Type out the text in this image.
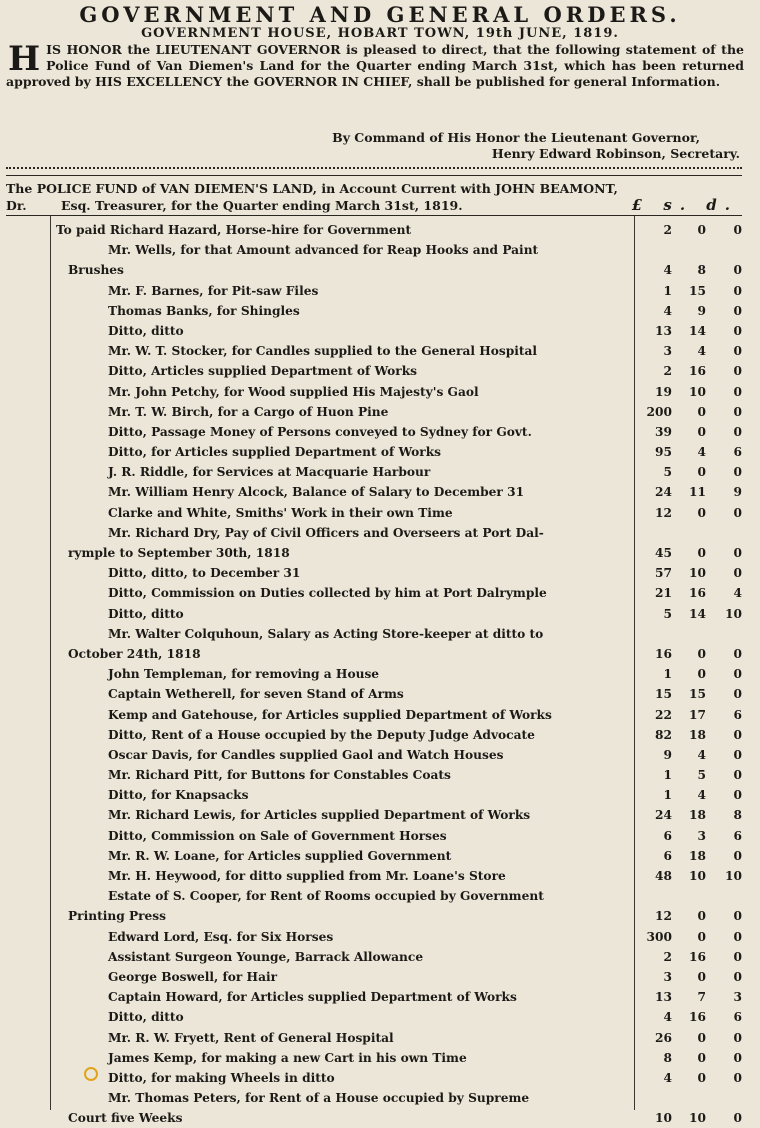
GOVERNMENT AND GENERAL ORDERS.
GOVERNMENT HOUSE, HOBART TOWN, 19th JUNE, 1819.
H IS HONOR the LIEUTENANT GOVERNOR is pleased to direct, that the following statement of the Police Fund of Van Diemen's Land for the Quarter ending March 31st, which has been returned approved by HIS EXCELLENCY the GOVERNOR IN CHIEF, shall be published for general Information.
By Command of His Honor the Lieutenant Governor,
Henry Edward Robinson, Secretary.
The POLICE FUND of VAN DIEMEN'S LAND, in Account Current with JOHN BEAMONT,
Dr.	Esq. Treasurer, for the Quarter ending March 31st, 1819.	£ s. d.
To paid Richard Hazard, Horse-hire for Government	2	0	0
Mr. Wells, for that Amount advanced for Reap Hooks and Paint
Brushes	4	8	0
Mr. F. Barnes, for Pit-saw Files	1	15	0
Thomas Banks, for Shingles	4	9	0
Ditto, ditto	13	14	0
Mr. W. T. Stocker, for Candles supplied to the General Hospital	3	4	0
Ditto, Articles supplied Department of Works	2	16	0
Mr. John Petchy, for Wood supplied His Majesty's Gaol	19	10	0
Mr. T. W. Birch, for a Cargo of Huon Pine	200	0	0
Ditto, Passage Money of Persons conveyed to Sydney for Govt.	39	0	0
Ditto, for Articles supplied Department of Works	95	4	6
J. R. Riddle, for Services at Macquarie Harbour	5	0	0
Mr. William Henry Alcock, Balance of Salary to December 31	24	11	9
Clarke and White, Smiths' Work in their own Time	12	0	0
Mr. Richard Dry, Pay of Civil Officers and Overseers at Port Dal-
rymple to September 30th, 1818	45	0	0
Ditto, ditto, to December 31	57	10	0
Ditto, Commission on Duties collected by him at Port Dalrymple	21	16	4
Ditto, ditto	5	14	10
Mr. Walter Colquhoun, Salary as Acting Store-keeper at ditto to
October 24th, 1818	16	0	0
John Templeman, for removing a House	1	0	0
Captain Wetherell, for seven Stand of Arms	15	15	0
Kemp and Gatehouse, for Articles supplied Department of Works	22	17	6
Ditto, Rent of a House occupied by the Deputy Judge Advocate	82	18	0
Oscar Davis, for Candles supplied Gaol and Watch Houses	9	4	0
Mr. Richard Pitt, for Buttons for Constables Coats	1	5	0
Ditto, for Knapsacks	1	4	0
Mr. Richard Lewis, for Articles supplied Department of Works	24	18	8
Ditto, Commission on Sale of Government Horses	6	3	6
Mr. R. W. Loane, for Articles supplied Government	6	18	0
Mr. H. Heywood, for ditto supplied from Mr. Loane's Store	48	10	10
Estate of S. Cooper, for Rent of Rooms occupied by Government
Printing Press	12	0	0
Edward Lord, Esq. for Six Horses	300	0	0
Assistant Surgeon Younge, Barrack Allowance	2	16	0
George Boswell, for Hair	3	0	0
Captain Howard, for Articles supplied Department of Works	13	7	3
Ditto, ditto	4	16	6
Mr. R. W. Fryett, Rent of General Hospital	26	0	0
James Kemp, for making a new Cart in his own Time	8	0	0
Ditto, for making Wheels in ditto	4	0	0
Mr. Thomas Peters, for Rent of a House occupied by Supreme
Court five Weeks	10	10	0
